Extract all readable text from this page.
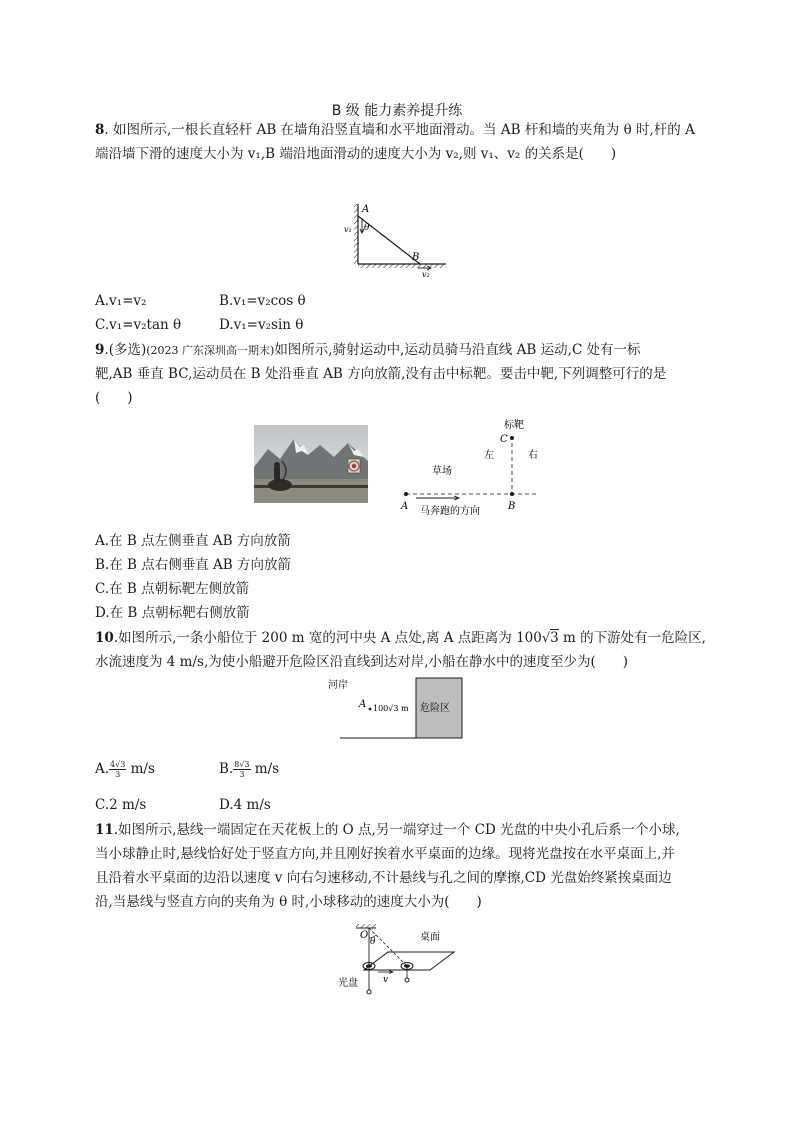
B 级 能力素养提升练
8. 如图所示,一根长直轻杆 AB 在墙角沿竖直墙和水平地面滑动。当 AB 杆和墙的夹角为 θ 时,杆的 A
端沿墙下滑的速度大小为 v₁,B 端沿地面滑动的速度大小为 v₂,则 v₁、v₂ 的关系是(　　)
A
θ
v₁
B
v₂
A.v₁=v₂	B.v₁=v₂cos θ
C.v₁=v₂tan θ	D.v₁=v₂sin θ
9.(多选)(2023 广东深圳高一期末)如图所示,骑射运动中,运动员骑马沿直线 AB 运动,C 处有一标
靶,AB 垂直 BC,运动员在 B 处沿垂直 AB 方向放箭,没有击中标靶。要击中靶,下列调整可行的是
(　　)
标靶
C
左	右
草场
A	B
马奔跑的方向
A.在 B 点左侧垂直 AB 方向放箭
B.在 B 点右侧垂直 AB 方向放箭
C.在 B 点朝标靶左侧放箭
D.在 B 点朝标靶右侧放箭
10.如图所示,一条小船位于 200 m 宽的河中央 A 点处,离 A 点距离为 100√3 m 的下游处有一危险区,
水流速度为 4 m/s,为使小船避开危险区沿直线到达对岸,小船在静水中的速度至少为(　　)
河岸
A 100√3 m 危险区
A. $\frac{4√3}{3} m/s$	B. $\frac{8√3}{3} m/s$
C.2 m/s	D.4 m/s
11.如图所示,悬线一端固定在天花板上的 O 点,另一端穿过一个 CD 光盘的中央小孔后系一个小球,
当小球静止时,悬线恰好处于竖直方向,并且刚好挨着水平桌面的边缘。现将光盘按在水平桌面上,并
且沿着水平桌面的边沿以速度 v 向右匀速移动,不计悬线与孔之间的摩擦,CD 光盘始终紧挨桌面边
沿,当悬线与竖直方向的夹角为 θ 时,小球移动的速度大小为(　　)
O
θ	桌面
v
光盘
